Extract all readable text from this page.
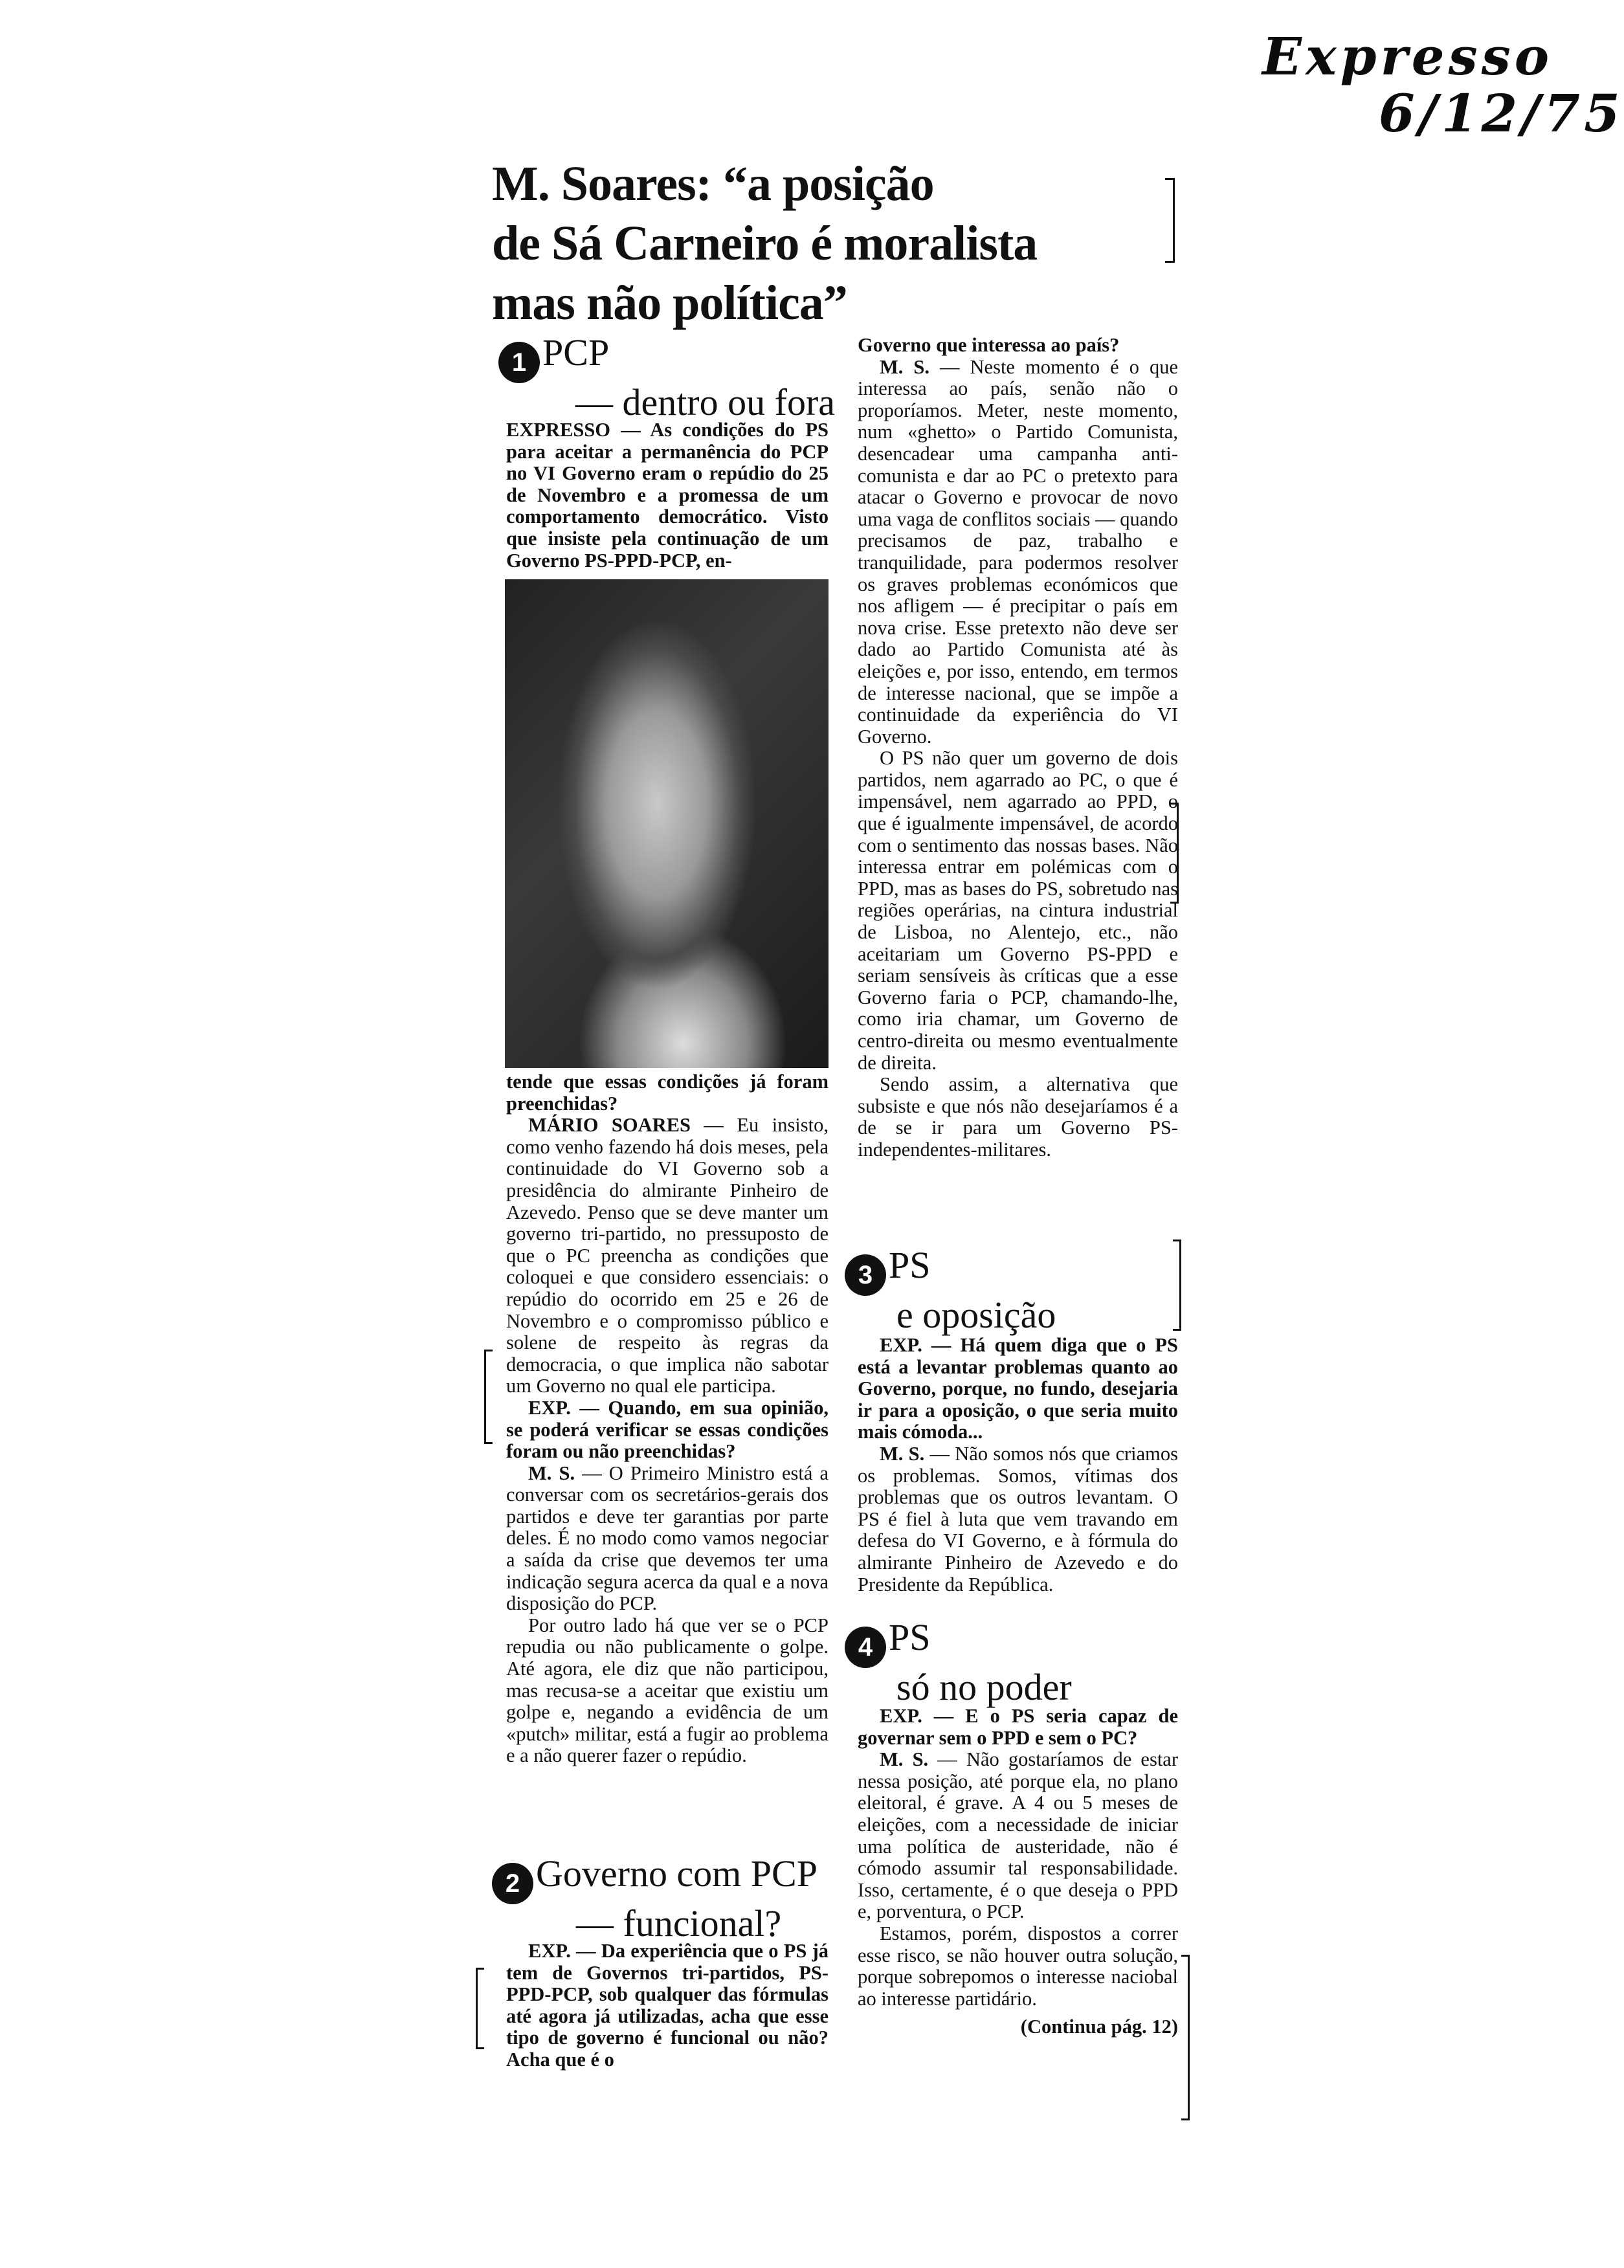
Expresso
6/12/75
M. Soares: “a posição
de Sá Carneiro é moralista
mas não política”
1 PCP
— dentro ou fora
EXPRESSO — As condições do PS para aceitar a permanência do PCP no VI Governo eram o repúdio do 25 de Novembro e a promessa de um comportamento democrático. Visto que insiste pela continuação de um Governo PS-PPD-PCP, en-

tende que essas condições já foram preenchidas?

MÁRIO SOARES — Eu insisto, como venho fazendo há dois meses, pela continuidade do VI Governo sob a presidência do almirante Pinheiro de Azevedo. Penso que se deve manter um governo tri-partido, no pressuposto de que o PC preencha as condições que coloquei e que considero essenciais: o repúdio do ocorrido em 25 e 26 de Novembro e o compromisso público e solene de respeito às regras da democracia, o que implica não sabotar um Governo no qual ele participa.

EXP. — Quando, em sua opinião, se poderá verificar se essas condições foram ou não preenchidas?

M. S. — O Primeiro Ministro está a conversar com os secretários-gerais dos partidos e deve ter garantias por parte deles. É no modo como vamos negociar a saída da crise que devemos ter uma indicação segura acerca da qual e a nova disposição do PCP.

Por outro lado há que ver se o PCP repudia ou não publicamente o golpe. Até agora, ele diz que não participou, mas recusa-se a aceitar que existiu um golpe e, negando a evidência de um «putch» militar, está a fugir ao problema e a não querer fazer o repúdio.

2 Governo com PCP
— funcional?
EXP. — Da experiência que o PS já tem de Governos tri-partidos, PS-PPD-PCP, sob qualquer das fórmulas até agora já utilizadas, acha que esse tipo de governo é funcional ou não? Acha que é o

Governo que interessa ao país?

M. S. — Neste momento é o que interessa ao país, senão não o proporíamos. Meter, neste momento, num «ghetto» o Partido Comunista, desencadear uma campanha anti-comunista e dar ao PC o pretexto para atacar o Governo e provocar de novo uma vaga de conflitos sociais — quando precisamos de paz, trabalho e tranquilidade, para podermos resolver os graves problemas económicos que nos afligem — é precipitar o país em nova crise. Esse pretexto não deve ser dado ao Partido Comunista até às eleições e, por isso, entendo, em termos de interesse nacional, que se impõe a continuidade da experiência do VI Governo.

O PS não quer um governo de dois partidos, nem agarrado ao PC, o que é impensável, nem agarrado ao PPD, o que é igualmente impensável, de acordo com o sentimento das nossas bases. Não interessa entrar em polémicas com o PPD, mas as bases do PS, sobretudo nas regiões operárias, na cintura industrial de Lisboa, no Alentejo, etc., não aceitariam um Governo PS-PPD e seriam sensíveis às críticas que a esse Governo faria o PCP, chamando-lhe, como iria chamar, um Governo de centro-direita ou mesmo eventualmente de direita.

Sendo assim, a alternativa que subsiste e que nós não desejaríamos é a de se ir para um Governo PS-independentes-militares.

3 PS
e oposição

EXP. — Há quem diga que o PS está a levantar problemas quanto ao Governo, porque, no fundo, desejaria ir para a oposição, o que seria muito mais cómoda...

M. S. — Não somos nós que criamos os problemas. Somos, vítimas dos problemas que os outros levantam. O PS é fiel à luta que vem travando em defesa do VI Governo, e à fórmula do almirante Pinheiro de Azevedo e do Presidente da República.

4 PS
só no poder

EXP. — E o PS seria capaz de governar sem o PPD e sem o PC?

M. S. — Não gostaríamos de estar nessa posição, até porque ela, no plano eleitoral, é grave. A 4 ou 5 meses de eleições, com a necessidade de iniciar uma política de austeridade, não é cómodo assumir tal responsabilidade. Isso, certamente, é o que deseja o PPD e, porventura, o PCP.

Estamos, porém, dispostos a correr esse risco, se não houver outra solução, porque sobrepomos o interesse naciobal ao interesse partidário.

(Continua pág. 12)
